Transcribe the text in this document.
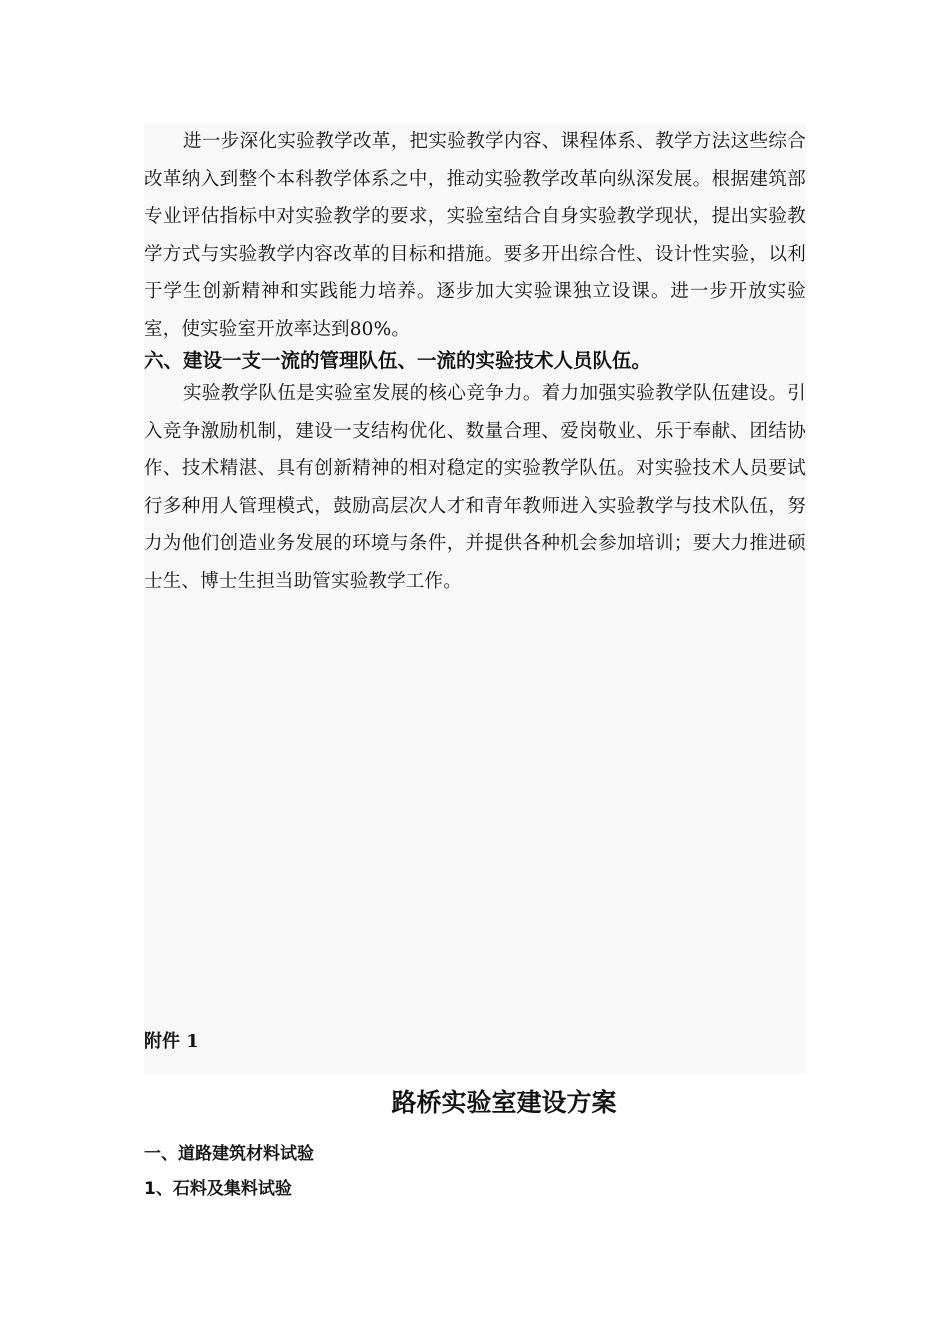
进一步深化实验教学改革，把实验教学内容、课程体系、教学方法这些综合改革纳入到整个本科教学体系之中，推动实验教学改革向纵深发展。根据建筑部专业评估指标中对实验教学的要求，实验室结合自身实验教学现状，提出实验教学方式与实验教学内容改革的目标和措施。要多开出综合性、设计性实验，以利于学生创新精神和实践能力培养。逐步加大实验课独立设课。进一步开放实验室，使实验室开放率达到80%。
六、建设一支一流的管理队伍、一流的实验技术人员队伍。
实验教学队伍是实验室发展的核心竞争力。着力加强实验教学队伍建设。引入竞争激励机制，建设一支结构优化、数量合理、爱岗敬业、乐于奉献、团结协作、技术精湛、具有创新精神的相对稳定的实验教学队伍。对实验技术人员要试行多种用人管理模式，鼓励高层次人才和青年教师进入实验教学与技术队伍，努力为他们创造业务发展的环境与条件，并提供各种机会参加培训；要大力推进硕士生、博士生担当助管实验教学工作。
附件 1
路桥实验室建设方案
一、道路建筑材料试验
1、石料及集料试验
